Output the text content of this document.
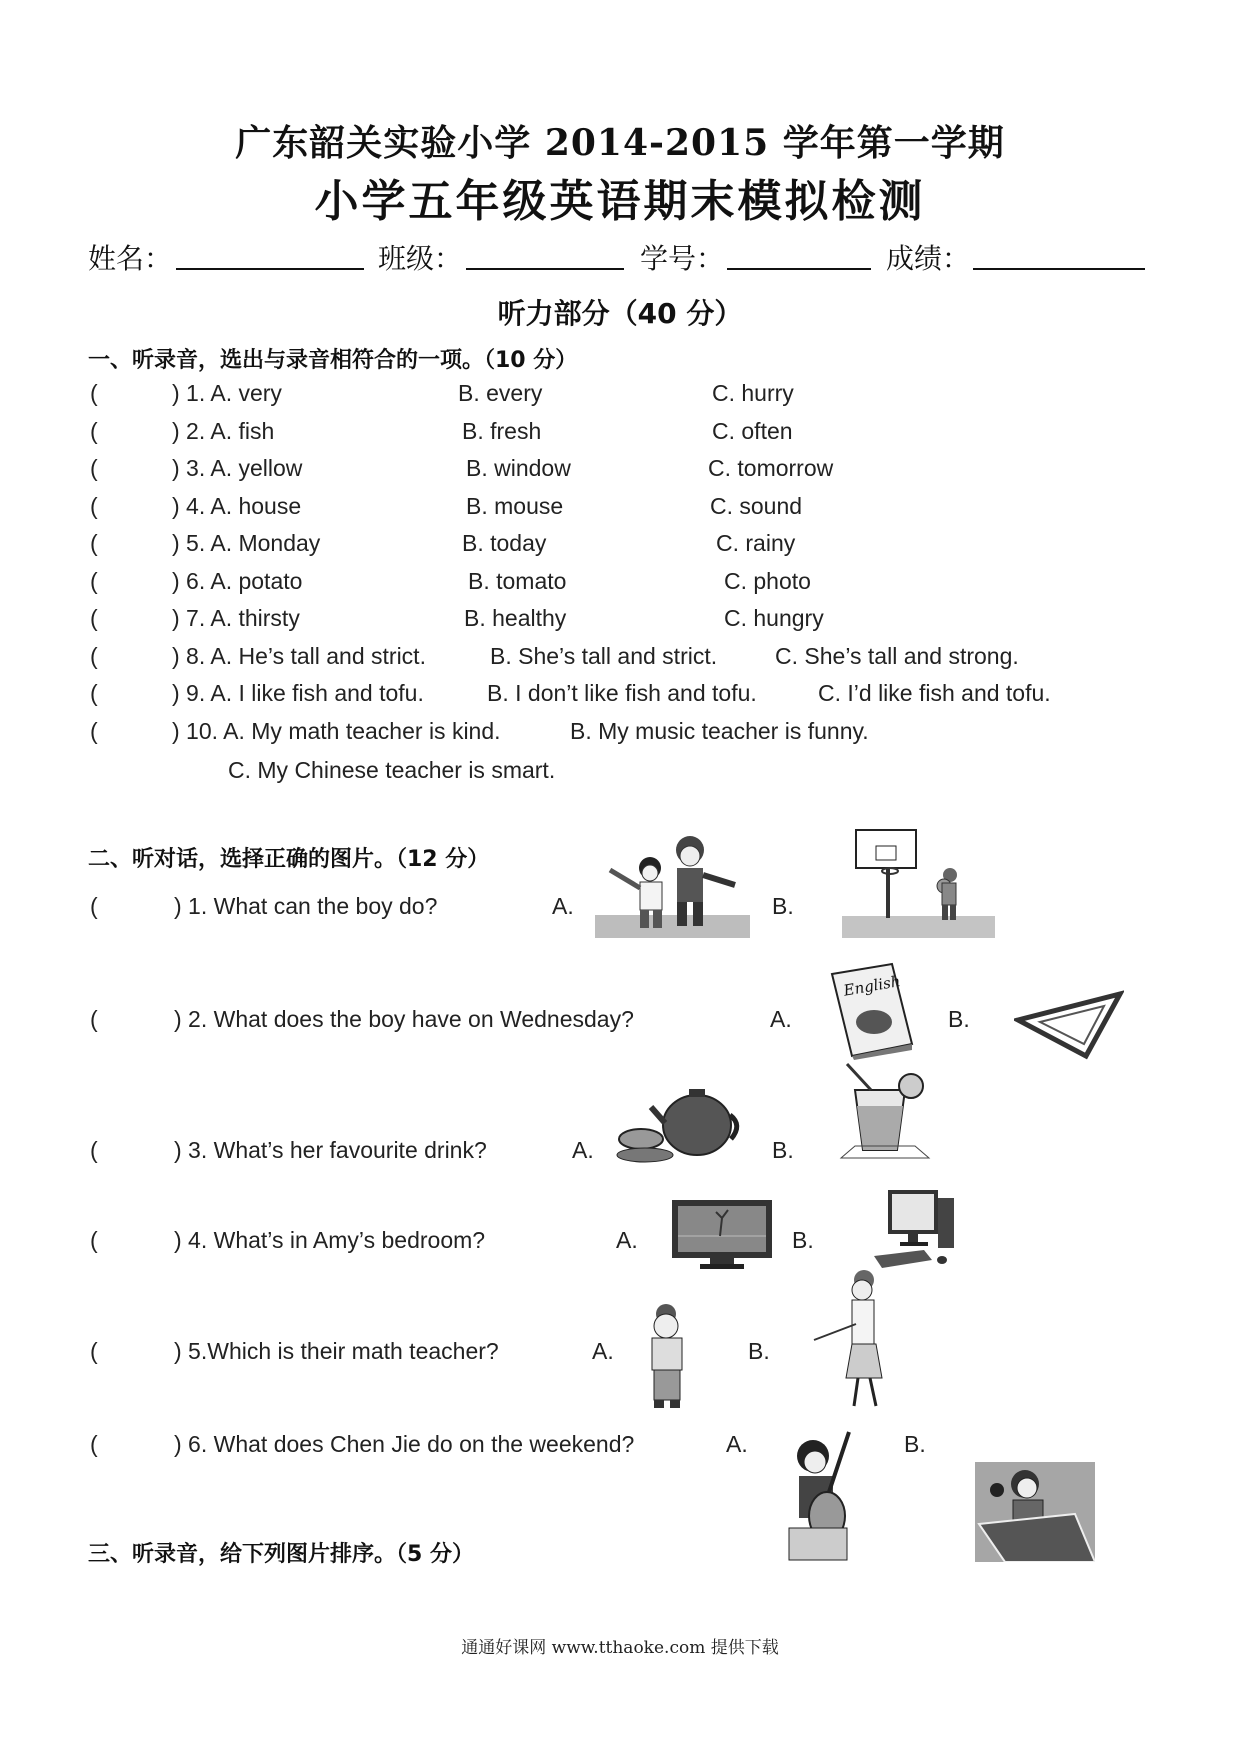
广东韶关实验小学 2014-2015 学年第一学期
小学五年级英语期末模拟检测
姓名：	班级：	学号：	成绩：
听力部分（40 分）
一、听录音，选出与录音相符合的一项。（10 分）
(	) 1. A. very	B. every	C. hurry
(	) 2. A. fish	B. fresh	C. often
(	) 3. A. yellow	B. window	C. tomorrow
(	) 4. A. house	B. mouse	C. sound
(	) 5. A. Monday	B. today	C. rainy
(	) 6. A. potato	B. tomato	C. photo
(	) 7. A. thirsty	B. healthy	C. hungry
(	) 8. A. He’s tall and strict.	B. She’s tall and strict.	C. She’s tall and strong.
(	) 9. A. I like fish and tofu.	B. I don’t like fish and tofu.	C. I’d like fish and tofu.
(	) 10. A. My math teacher is kind.	B. My music teacher is funny.
C. My Chinese teacher is smart.
二、听对话，选择正确的图片。（12 分）
(	) 1. What can the boy do?	A.	B.
(	) 2. What does the boy have on Wednesday?	A.	B.
English
(	) 3. What’s her favourite drink?	A.	B.
(	) 4. What’s in Amy’s bedroom?	A.	B.
(	) 5.Which is their math teacher?	A.	B.
(	) 6. What does Chen Jie do on the weekend?	A.	B.
三、听录音，给下列图片排序。（5 分）
通通好课网 www.tthaoke.com 提供下载
